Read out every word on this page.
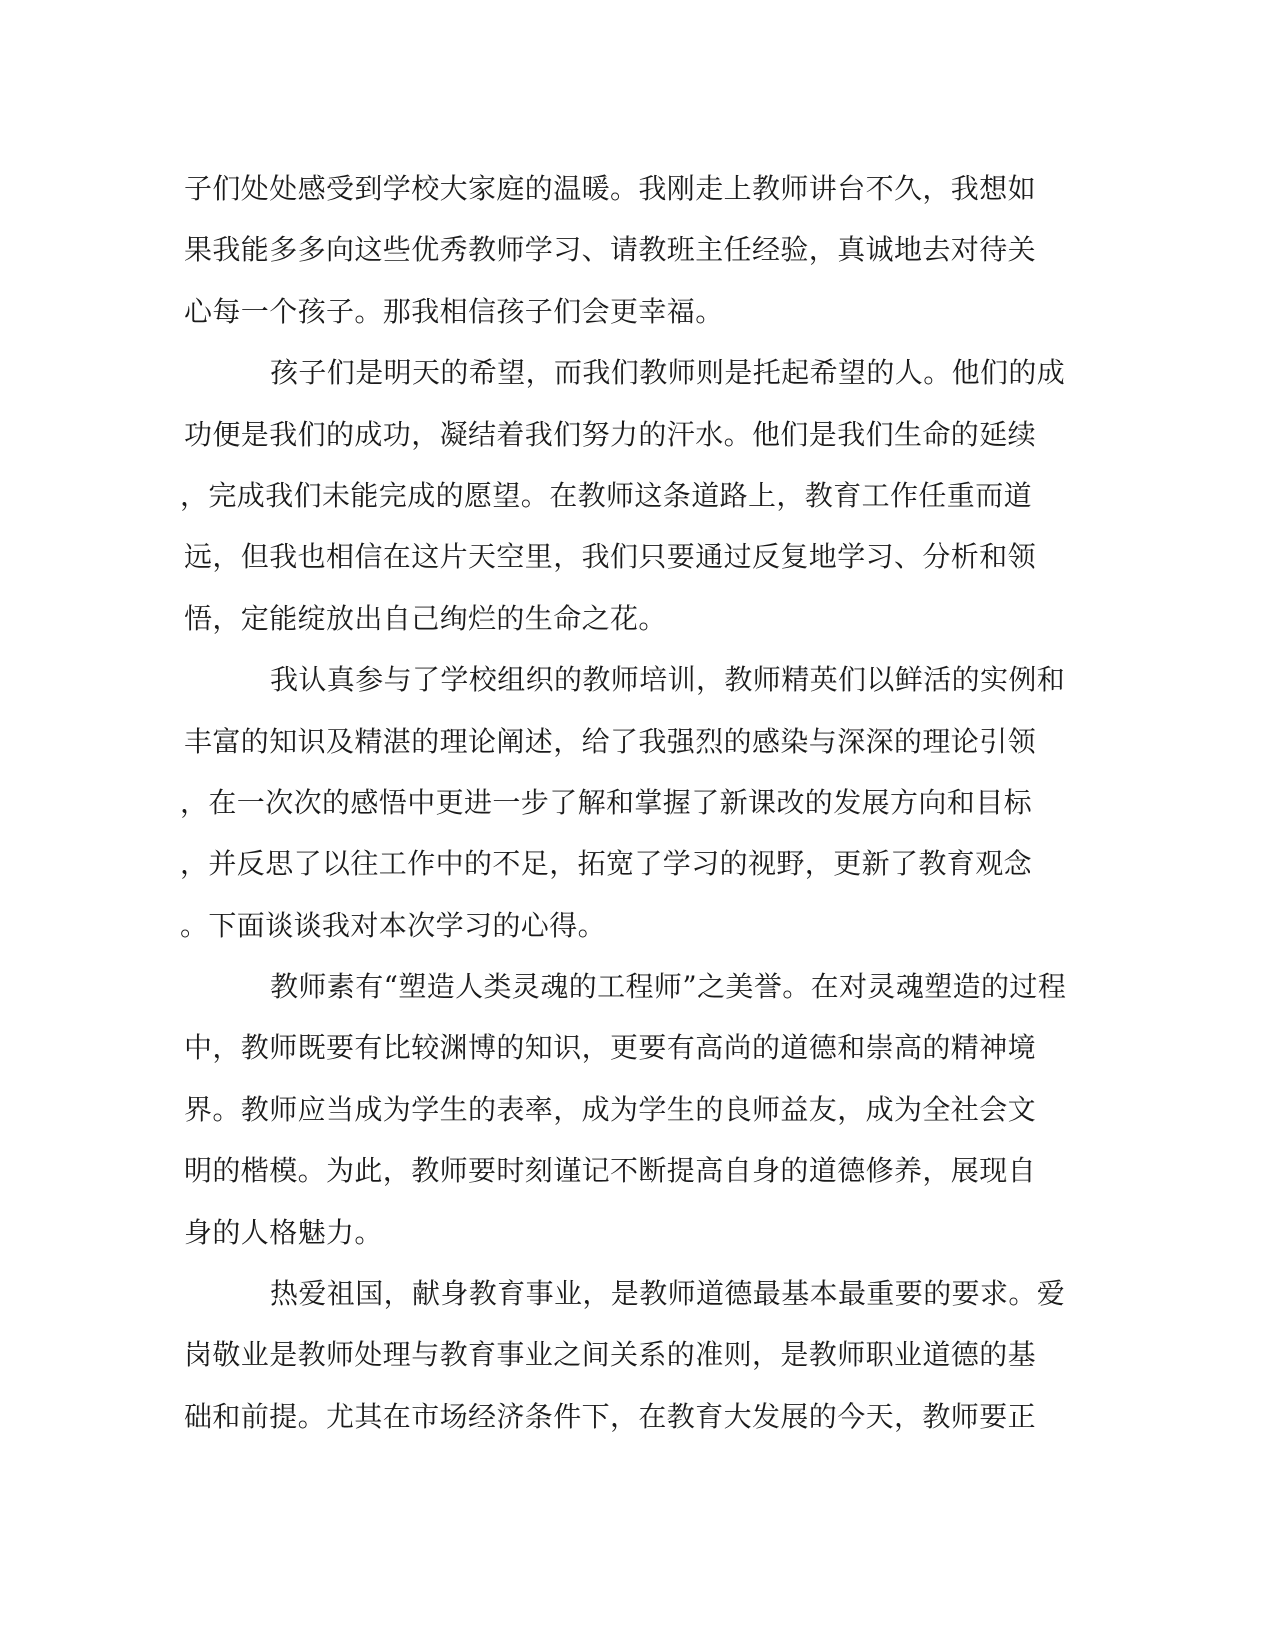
子们处处感受到学校大家庭的温暖。我刚走上教师讲台不久，我想如
果我能多多向这些优秀教师学习、请教班主任经验，真诚地去对待关
心每一个孩子。那我相信孩子们会更幸福。
孩子们是明天的希望，而我们教师则是托起希望的人。他们的成
功便是我们的成功，凝结着我们努力的汗水。他们是我们生命的延续
，完成我们未能完成的愿望。在教师这条道路上，教育工作任重而道
远，但我也相信在这片天空里，我们只要通过反复地学习、分析和领
悟，定能绽放出自己绚烂的生命之花。
我认真参与了学校组织的教师培训，教师精英们以鲜活的实例和
丰富的知识及精湛的理论阐述，给了我强烈的感染与深深的理论引领
，在一次次的感悟中更进一步了解和掌握了新课改的发展方向和目标
，并反思了以往工作中的不足，拓宽了学习的视野，更新了教育观念
。下面谈谈我对本次学习的心得。
教师素有“塑造人类灵魂的工程师”之美誉。在对灵魂塑造的过程
中，教师既要有比较渊博的知识，更要有高尚的道德和崇高的精神境
界。教师应当成为学生的表率，成为学生的良师益友，成为全社会文
明的楷模。为此，教师要时刻谨记不断提高自身的道德修养，展现自
身的人格魅力。
热爱祖国，献身教育事业，是教师道德最基本最重要的要求。爱
岗敬业是教师处理与教育事业之间关系的准则，是教师职业道德的基
础和前提。尤其在市场经济条件下，在教育大发展的今天，教师要正
